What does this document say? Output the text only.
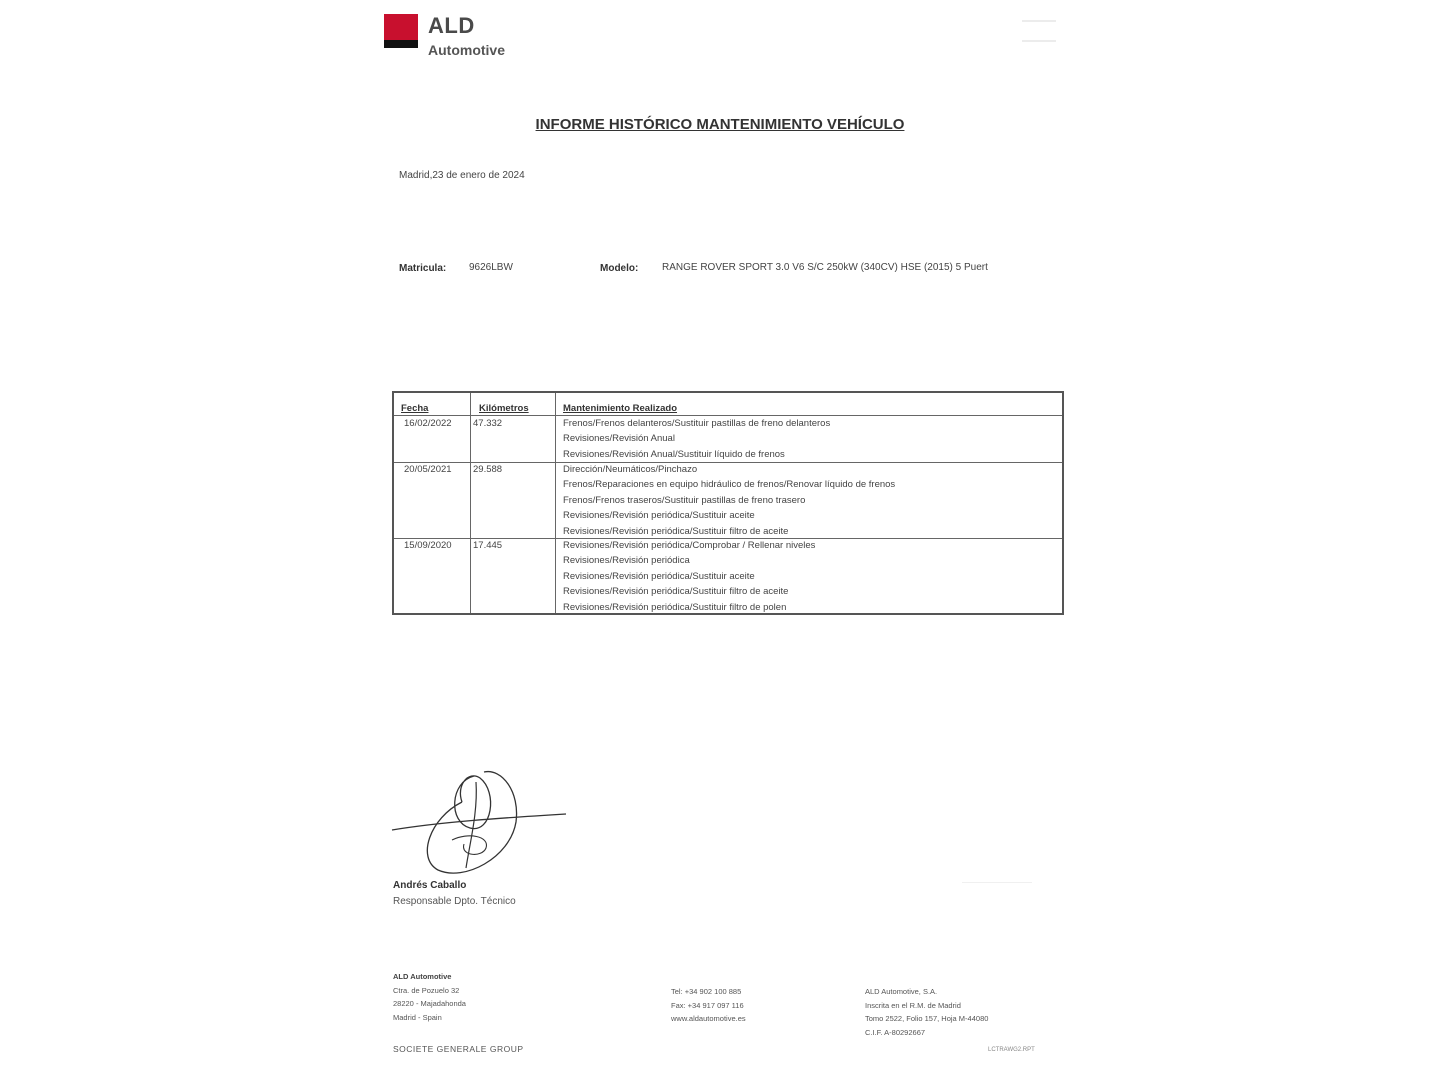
ALD
Automotive
INFORME HISTÓRICO MANTENIMIENTO VEHÍCULO
Madrid,23 de enero de 2024
Matricula: 9626LBW	Modelo: RANGE ROVER SPORT 3.0 V6 S/C 250kW (340CV) HSE (2015) 5 Puert
Fecha	Kilómetros	Mantenimiento Realizado
16/02/2022 47.332	Frenos/Frenos delanteros/Sustituir pastillas de freno delanteros
Revisiones/Revisión Anual
Revisiones/Revisión Anual/Sustituir líquido de frenos
20/05/2021 29.588	Dirección/Neumáticos/Pinchazo
Frenos/Reparaciones en equipo hidráulico de frenos/Renovar líquido de frenos
Frenos/Frenos traseros/Sustituir pastillas de freno trasero
Revisiones/Revisión periódica/Sustituir aceite
Revisiones/Revisión periódica/Sustituir filtro de aceite
15/09/2020 17.445	Revisiones/Revisión periódica/Comprobar / Rellenar niveles
Revisiones/Revisión periódica
Revisiones/Revisión periódica/Sustituir aceite
Revisiones/Revisión periódica/Sustituir filtro de aceite
Revisiones/Revisión periódica/Sustituir filtro de polen
Andrés Caballo
Responsable Dpto. Técnico
ALD Automotive
Ctra. de Pozuelo 32
28220 - Majadahonda
Madrid - Spain
Tel: +34 902 100 885
Fax: +34 917 097 116
www.aldautomotive.es
ALD Automotive, S.A.
Inscrita en el R.M. de Madrid
Tomo 2522, Folio 157, Hoja M-44080
C.I.F. A-80292667
SOCIETE GENERALE GROUP	LCTRAWG2.RPT
